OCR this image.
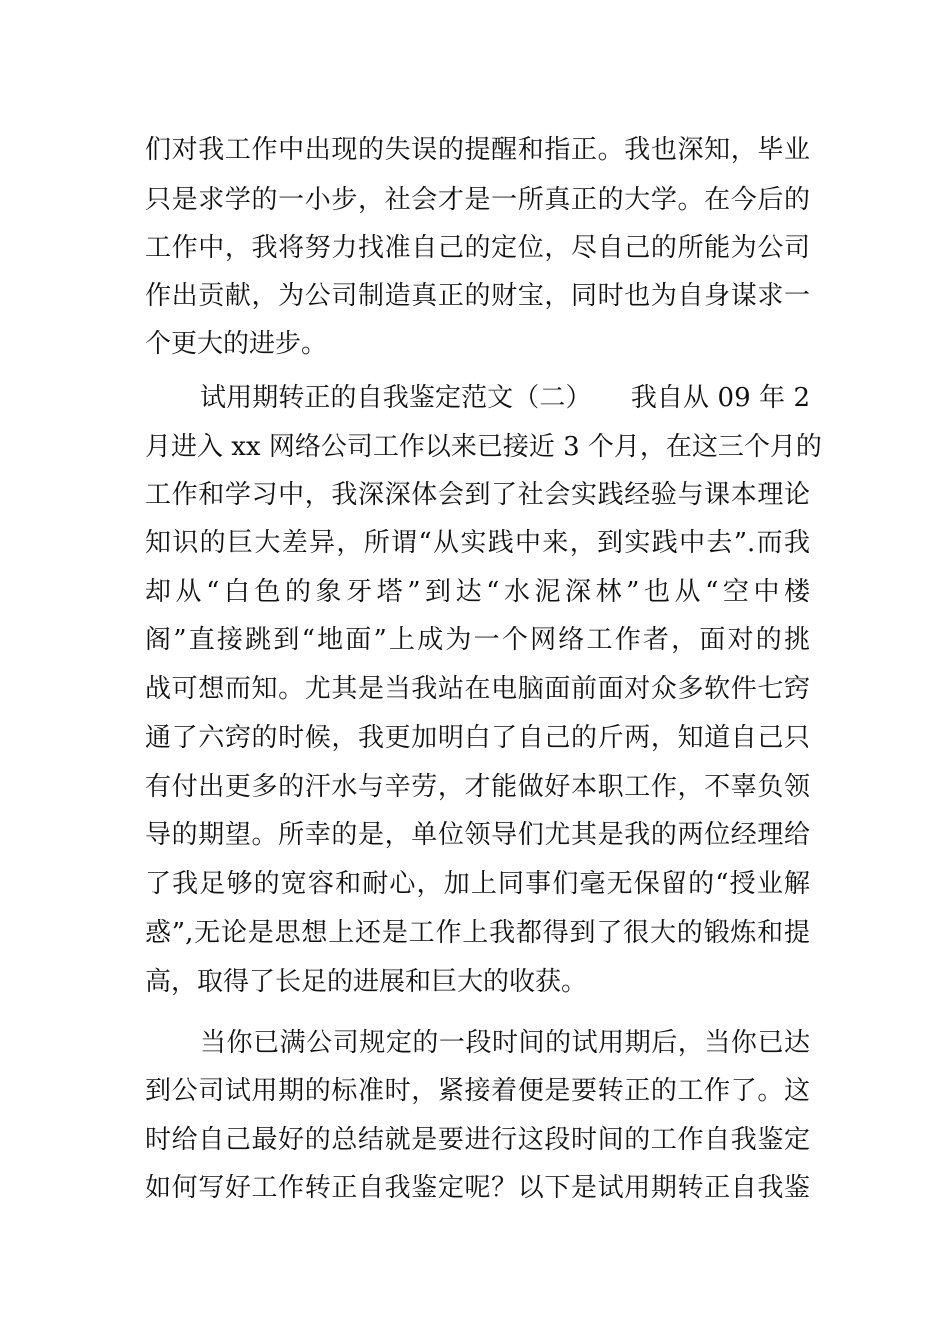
们对我工作中出现的失误的提醒和指正。我也深知，毕业
只是求学的一小步，社会才是一所真正的大学。在今后的
工作中，我将努力找准自己的定位，尽自己的所能为公司
作出贡献，为公司制造真正的财宝，同时也为自身谋求一
个更大的进步。
试用期转正的自我鉴定范文（二）　　我自从 09 年 2
月进入 xx 网络公司工作以来已接近 3 个月，在这三个月的
工作和学习中，我深深体会到了社会实践经验与课本理论
知识的巨大差异，所谓“从实践中来，到实践中去”.而我
却从“白色的象牙塔”到达“水泥深林”也从“空中楼
阁”直接跳到“地面”上成为一个网络工作者，面对的挑
战可想而知。尤其是当我站在电脑面前面对众多软件七窍
通了六窍的时候，我更加明白了自己的斤两，知道自己只
有付出更多的汗水与辛劳，才能做好本职工作，不辜负领
导的期望。所幸的是，单位领导们尤其是我的两位经理给
了我足够的宽容和耐心，加上同事们毫无保留的“授业解
惑”,无论是思想上还是工作上我都得到了很大的锻炼和提
高，取得了长足的进展和巨大的收获。
当你已满公司规定的一段时间的试用期后，当你已达
到公司试用期的标准时，紧接着便是要转正的工作了。这
时给自己最好的总结就是要进行这段时间的工作自我鉴定
如何写好工作转正自我鉴定呢？以下是试用期转正自我鉴
